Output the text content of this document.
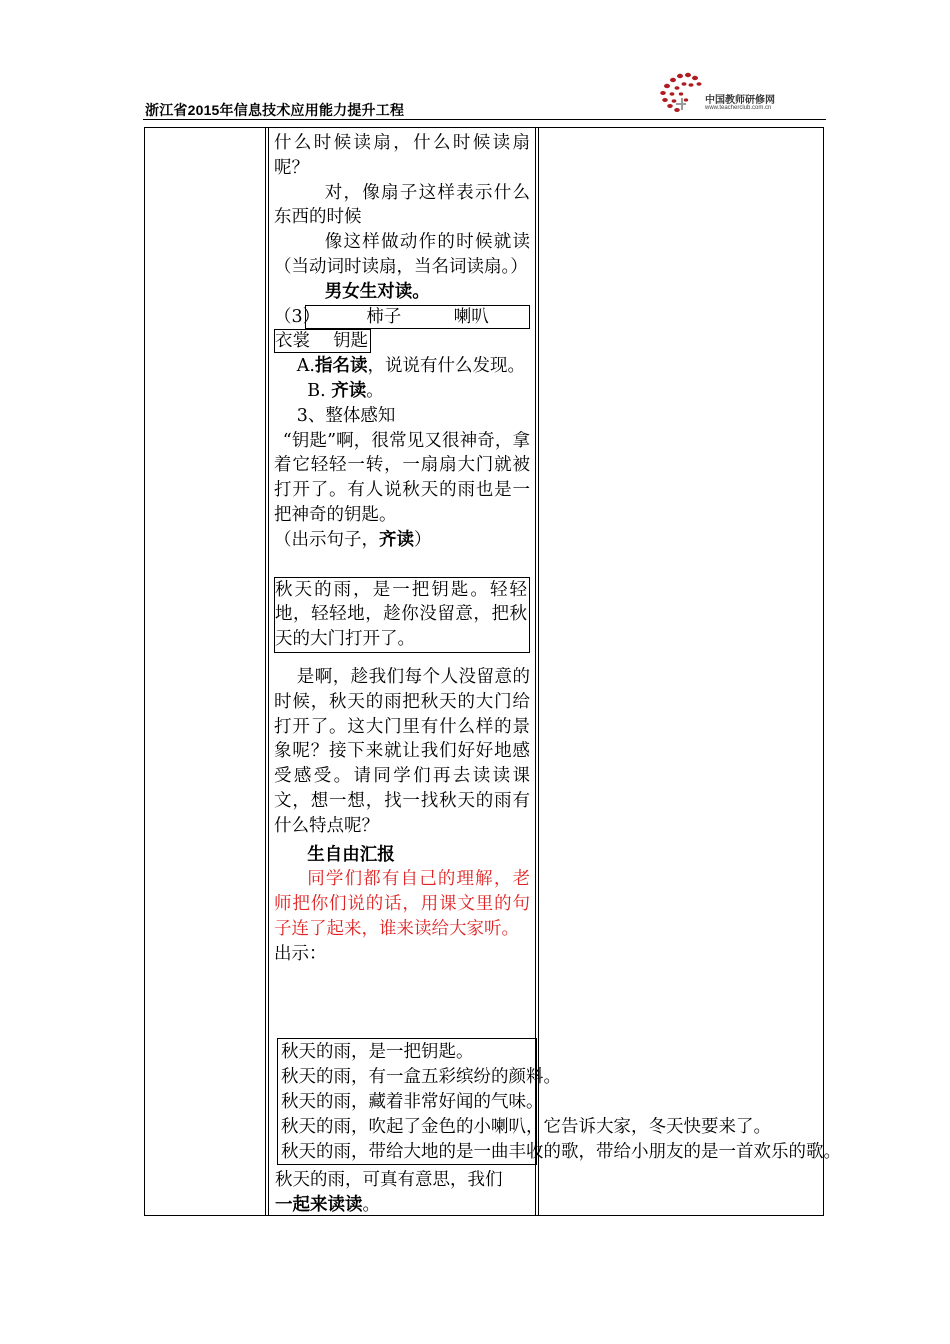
浙江省2015年信息技术应用能力提升工程
中国教师研修网
www.teacherclub.com.cn

什么时候读扇，什么时候读扇呢？

对，像扇子这样表示什么东西的时候

像这样做动作的时候就读（当动词时读扇，当名词读扇。）

男女生对读。

（3）	柿子　　　喇叭

衣裳　 钥匙

A.指名读，说说有什么发现。

B. 齐读。

3、整体感知

“钥匙”啊，很常见又很神奇，拿着它轻轻一转，一扇扇大门就被打开了。有人说秋天的雨也是一把神奇的钥匙。

（出示句子，齐读）

秋天的雨，是一把钥匙。轻轻地，轻轻地，趁你没留意，把秋天的大门打开了。

是啊，趁我们每个人没留意的时候，秋天的雨把秋天的大门给打开了。这大门里有什么样的景象呢？接下来就让我们好好地感受感受。请同学们再去读读课文，想一想，找一找秋天的雨有什么特点呢？

生自由汇报

同学们都有自己的理解，老师把你们说的话，用课文里的句子连了起来，谁来读给大家听。

出示：

秋天的雨，是一把钥匙。
秋天的雨，有一盒五彩缤纷的颜料。
秋天的雨，藏着非常好闻的气味。
秋天的雨，吹起了金色的小喇叭，它告诉大家，冬天快要来了。
秋天的雨，带给大地的是一曲丰收的歌，带给小朋友的是一首欢乐的歌。
秋天的雨，可真有意思，我们
一起来读读。
